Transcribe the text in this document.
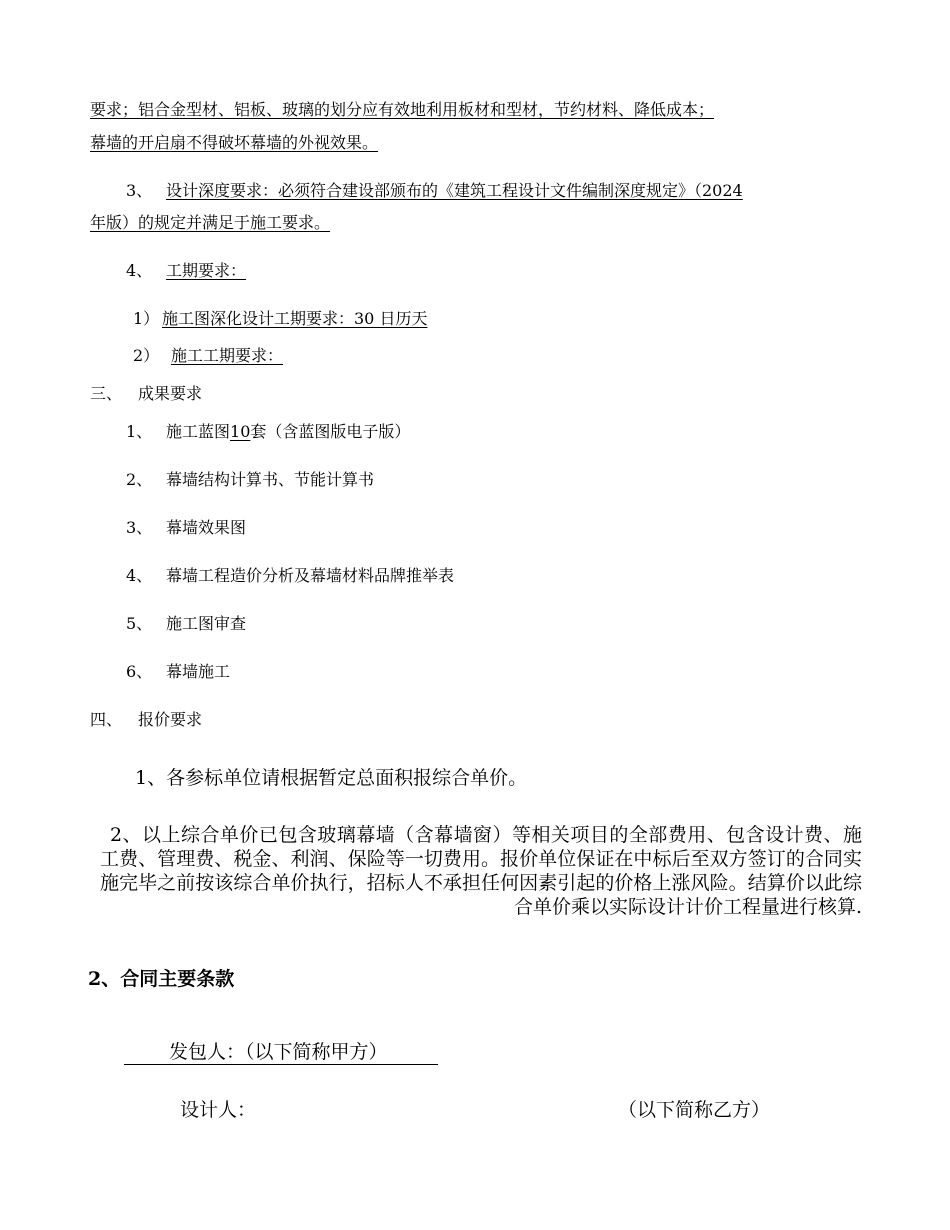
要求；铝合金型材、铝板、玻璃的划分应有效地利用板材和型材，节约材料、降低成本；
幕墙的开启扇不得破坏幕墙的外视效果。
3、 设计深度要求：必须符合建设部颁布的《建筑工程设计文件编制深度规定》（2024
年版）的规定并满足于施工要求。
4、 工期要求：
1） 施工图深化设计工期要求：30 日历天
2） 施工工期要求：
三、 成果要求
1、 施工蓝图10套（含蓝图版电子版）
2、 幕墙结构计算书、节能计算书
3、 幕墙效果图
4、 幕墙工程造价分析及幕墙材料品牌推举表
5、 施工图审查
6、 幕墙施工
四、 报价要求
1、各参标单位请根据暂定总面积报综合单价。
2、以上综合单价已包含玻璃幕墙（含幕墙窗）等相关项目的全部费用、包含设计费、施工费、管理费、税金、利润、保险等一切费用。报价单位保证在中标后至双方签订的合同实施完毕之前按该综合单价执行，招标人不承担任何因素引起的价格上涨风险。结算价以此综合单价乘以实际设计计价工程量进行核算.
2、合同主要条款
发包人：（以下简称甲方）
设计人：	（以下简称乙方）
